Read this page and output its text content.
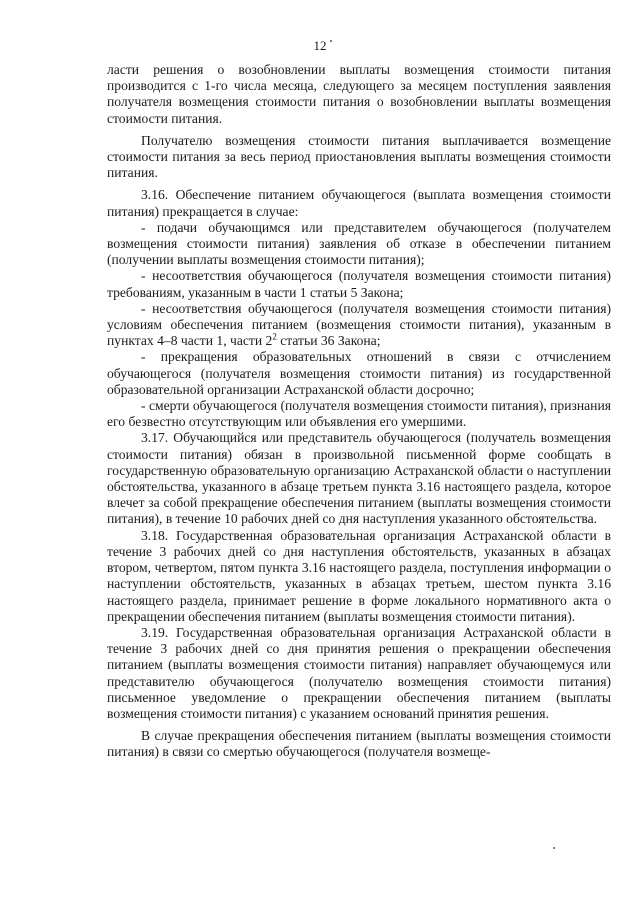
12

ласти решения о возобновлении выплаты возмещения стоимости питания производится с 1-го числа месяца, следующего за месяцем поступления заявления получателя возмещения стоимости питания о возобновлении выплаты возмещения стоимости питания.

Получателю возмещения стоимости питания выплачивается возмещение стоимости питания за весь период приостановления выплаты возмещения стоимости питания.

3.16. Обеспечение питанием обучающегося (выплата возмещения стоимости питания) прекращается в случае:

- подачи обучающимся или представителем обучающегося (получателем возмещения стоимости питания) заявления об отказе в обеспечении питанием (получении выплаты возмещения стоимости питания);

- несоответствия обучающегося (получателя возмещения стоимости питания) требованиям, указанным в части 1 статьи 5 Закона;

- несоответствия обучающегося (получателя возмещения стоимости питания) условиям обеспечения питанием (возмещения стоимости питания), указанным в пунктах 4–8 части 1, части $2^2$ статьи 36 Закона;

- прекращения образовательных отношений в связи с отчислением обучающегося (получателя возмещения стоимости питания) из государственной образовательной организации Астраханской области досрочно;

- смерти обучающегося (получателя возмещения стоимости питания), признания его безвестно отсутствующим или объявления его умершими.

3.17. Обучающийся или представитель обучающегося (получатель возмещения стоимости питания) обязан в произвольной письменной форме сообщать в государственную образовательную организацию Астраханской области о наступлении обстоятельства, указанного в абзаце третьем пункта 3.16 настоящего раздела, которое влечет за собой прекращение обеспечения питанием (выплаты возмещения стоимости питания), в течение 10 рабочих дней со дня наступления указанного обстоятельства.

3.18. Государственная образовательная организация Астраханской области в течение 3 рабочих дней со дня наступления обстоятельств, указанных в абзацах втором, четвертом, пятом пункта 3.16 настоящего раздела, поступления информации о наступлении обстоятельств, указанных в абзацах третьем, шестом пункта 3.16 настоящего раздела, принимает решение в форме локального нормативного акта о прекращении обеспечения питанием (выплаты возмещения стоимости питания).

3.19. Государственная образовательная организация Астраханской области в течение 3 рабочих дней со дня принятия решения о прекращении обеспечения питанием (выплаты возмещения стоимости питания) направляет обучающемуся или представителю обучающегося (получателю возмещения стоимости питания) письменное уведомление о прекращении обеспечения питанием (выплаты возмещения стоимости питания) с указанием оснований принятия решения.

В случае прекращения обеспечения питанием (выплаты возмещения стоимости питания) в связи со смертью обучающегося (получателя возмеще-
